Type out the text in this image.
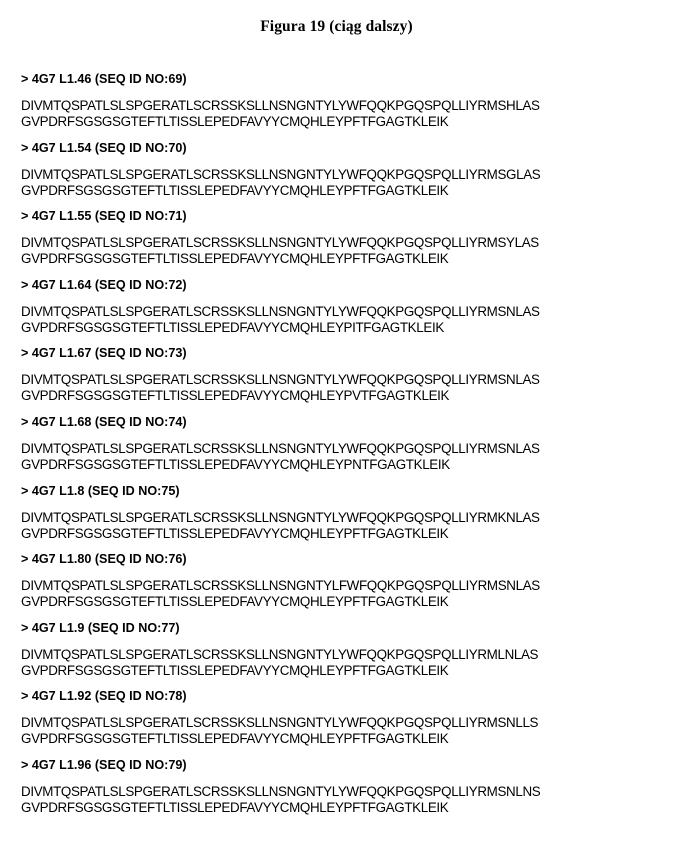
Figura 19 (ciąg dalszy)
> 4G7 L1.46 (SEQ ID NO:69)
DIVMTQSPATLSLSPGERATLSCRSSKSLLNSNGNTYLYWFQQKPGQSPQLLIYRMSHLAS
GVPDRFSGSGSGTEFTLTISSLEPEDFAVYYCMQHLEYPFTFGAGTKLEIK
> 4G7 L1.54 (SEQ ID NO:70)
DIVMTQSPATLSLSPGERATLSCRSSKSLLNSNGNTYLYWFQQKPGQSPQLLIYRMSGLAS
GVPDRFSGSGSGTEFTLTISSLEPEDFAVYYCMQHLEYPFTFGAGTKLEIK
> 4G7 L1.55 (SEQ ID NO:71)
DIVMTQSPATLSLSPGERATLSCRSSKSLLNSNGNTYLYWFQQKPGQSPQLLIYRMSYLAS
GVPDRFSGSGSGTEFTLTISSLEPEDFAVYYCMQHLEYPFTFGAGTKLEIK
> 4G7 L1.64 (SEQ ID NO:72)
DIVMTQSPATLSLSPGERATLSCRSSKSLLNSNGNTYLYWFQQKPGQSPQLLIYRMSNLAS
GVPDRFSGSGSGTEFTLTISSLEPEDFAVYYCMQHLEYPITFGAGTKLEIK
> 4G7 L1.67 (SEQ ID NO:73)
DIVMTQSPATLSLSPGERATLSCRSSKSLLNSNGNTYLYWFQQKPGQSPQLLIYRMSNLAS
GVPDRFSGSGSGTEFTLTISSLEPEDFAVYYCMQHLEYPVTFGAGTKLEIK
> 4G7 L1.68 (SEQ ID NO:74)
DIVMTQSPATLSLSPGERATLSCRSSKSLLNSNGNTYLYWFQQKPGQSPQLLIYRMSNLAS
GVPDRFSGSGSGTEFTLTISSLEPEDFAVYYCMQHLEYPNTFGAGTKLEIK
> 4G7 L1.8 (SEQ ID NO:75)
DIVMTQSPATLSLSPGERATLSCRSSKSLLNSNGNTYLYWFQQKPGQSPQLLIYRMKNLAS
GVPDRFSGSGSGTEFTLTISSLEPEDFAVYYCMQHLEYPFTFGAGTKLEIK
> 4G7 L1.80 (SEQ ID NO:76)
DIVMTQSPATLSLSPGERATLSCRSSKSLLNSNGNTYLFWFQQKPGQSPQLLIYRMSNLAS
GVPDRFSGSGSGTEFTLTISSLEPEDFAVYYCMQHLEYPFTFGAGTKLEIK
> 4G7 L1.9 (SEQ ID NO:77)
DIVMTQSPATLSLSPGERATLSCRSSKSLLNSNGNTYLYWFQQKPGQSPQLLIYRMLNLAS
GVPDRFSGSGSGTEFTLTISSLEPEDFAVYYCMQHLEYPFTFGAGTKLEIK
> 4G7 L1.92 (SEQ ID NO:78)
DIVMTQSPATLSLSPGERATLSCRSSKSLLNSNGNTYLYWFQQKPGQSPQLLIYRMSNLLS
GVPDRFSGSGSGTEFTLTISSLEPEDFAVYYCMQHLEYPFTFGAGTKLEIK
> 4G7 L1.96 (SEQ ID NO:79)
DIVMTQSPATLSLSPGERATLSCRSSKSLLNSNGNTYLYWFQQKPGQSPQLLIYRMSNLNS
GVPDRFSGSGSGTEFTLTISSLEPEDFAVYYCMQHLEYPFTFGAGTKLEIK
